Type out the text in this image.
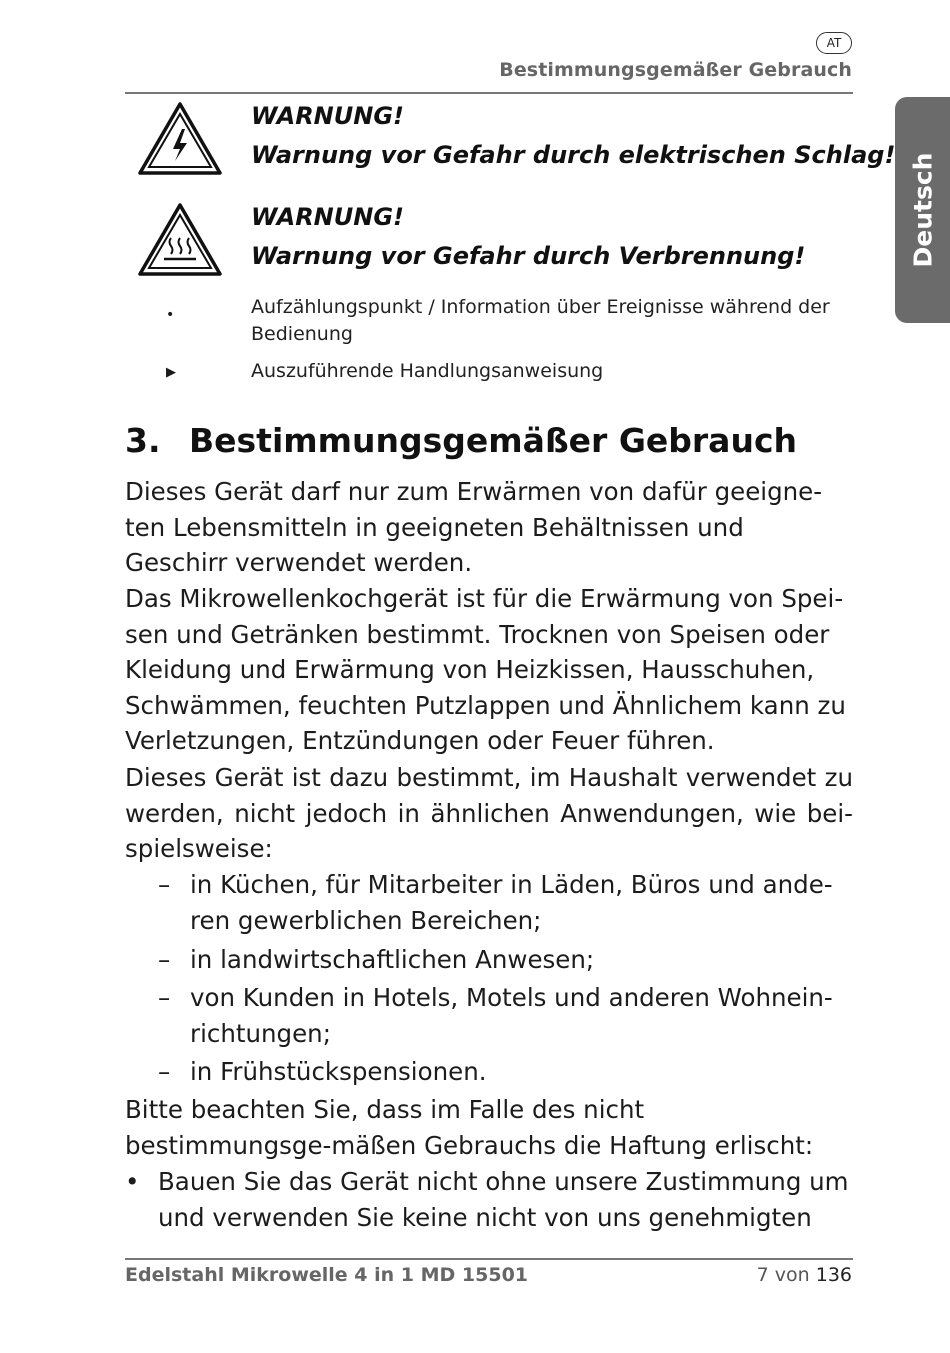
AT
Bestimmungsgemäßer Gebrauch
Deutsch
WARNUNG!
Warnung vor Gefahr durch elektrischen Schlag!
WARNUNG!
Warnung vor Gefahr durch Verbrennung!
•	Aufzählungspunkt / Information über Ereignisse während der Bedienung
▶	Auszuführende Handlungsanweisung
3. Bestimmungsgemäßer Gebrauch
Dieses Gerät darf nur zum Erwärmen von dafür geeigne-ten Lebensmitteln in geeigneten Behältnissen und Geschirr verwendet werden.
Das Mikrowellenkochgerät ist für die Erwärmung von Spei-sen und Getränken bestimmt. Trocknen von Speisen oder Kleidung und Erwärmung von Heizkissen, Hausschuhen, Schwämmen, feuchten Putzlappen und Ähnlichem kann zu Verletzungen, Entzündungen oder Feuer führen.
Dieses Gerät ist dazu bestimmt, im Haushalt verwendet zu werden, nicht jedoch in ähnlichen Anwendungen, wie bei-spielsweise:
– in Küchen, für Mitarbeiter in Läden, Büros und ande-ren gewerblichen Bereichen;
– in landwirtschaftlichen Anwesen;
– von Kunden in Hotels, Motels und anderen Wohnein-richtungen;
– in Frühstückspensionen.
Bitte beachten Sie, dass im Falle des nicht bestimmungsge-mäßen Gebrauchs die Haftung erlischt:
• Bauen Sie das Gerät nicht ohne unsere Zustimmung um und verwenden Sie keine nicht von uns genehmigten
Edelstahl Mikrowelle 4 in 1 MD 15501	7 von 136
